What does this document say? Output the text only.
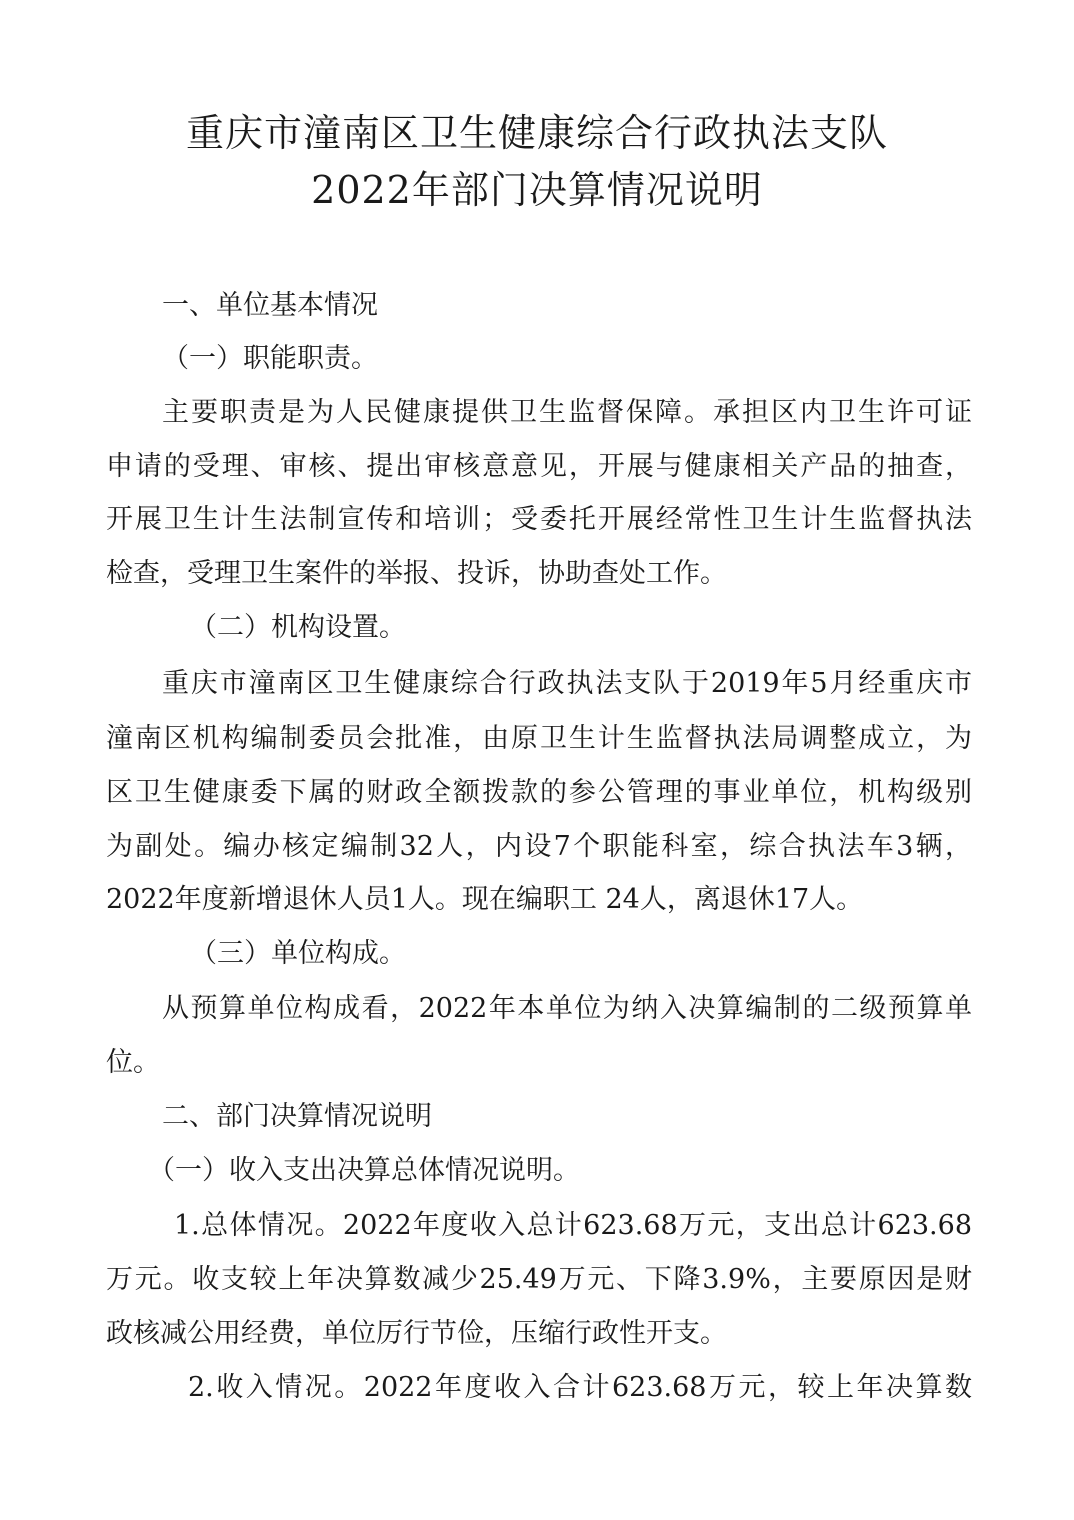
重庆市潼南区卫生健康综合行政执法支队
2022年部门决算情况说明
一、单位基本情况
（一）职能职责。
主要职责是为人民健康提供卫生监督保障。承担区内卫生许可证
申请的受理、审核、提出审核意意见，开展与健康相关产品的抽查，
开展卫生计生法制宣传和培训；受委托开展经常性卫生计生监督执法
检查，受理卫生案件的举报、投诉，协助查处工作。
（二）机构设置。
重庆市潼南区卫生健康综合行政执法支队于2019年5月经重庆市
潼南区机构编制委员会批准，由原卫生计生监督执法局调整成立，为
区卫生健康委下属的财政全额拨款的参公管理的事业单位，机构级别
为副处。编办核定编制32人，内设7个职能科室，综合执法车3辆，
2022年度新增退休人员1人。现在编职工 24人，离退休17人。
（三）单位构成。
从预算单位构成看，2022年本单位为纳入决算编制的二级预算单
位。
二、部门决算情况说明
（一）收入支出决算总体情况说明。
1.总体情况。2022年度收入总计623.68万元，支出总计623.68
万元。收支较上年决算数减少25.49万元、下降3.9%，主要原因是财
政核减公用经费，单位厉行节俭，压缩行政性开支。
2.收入情况。2022年度收入合计623.68万元，较上年决算数
